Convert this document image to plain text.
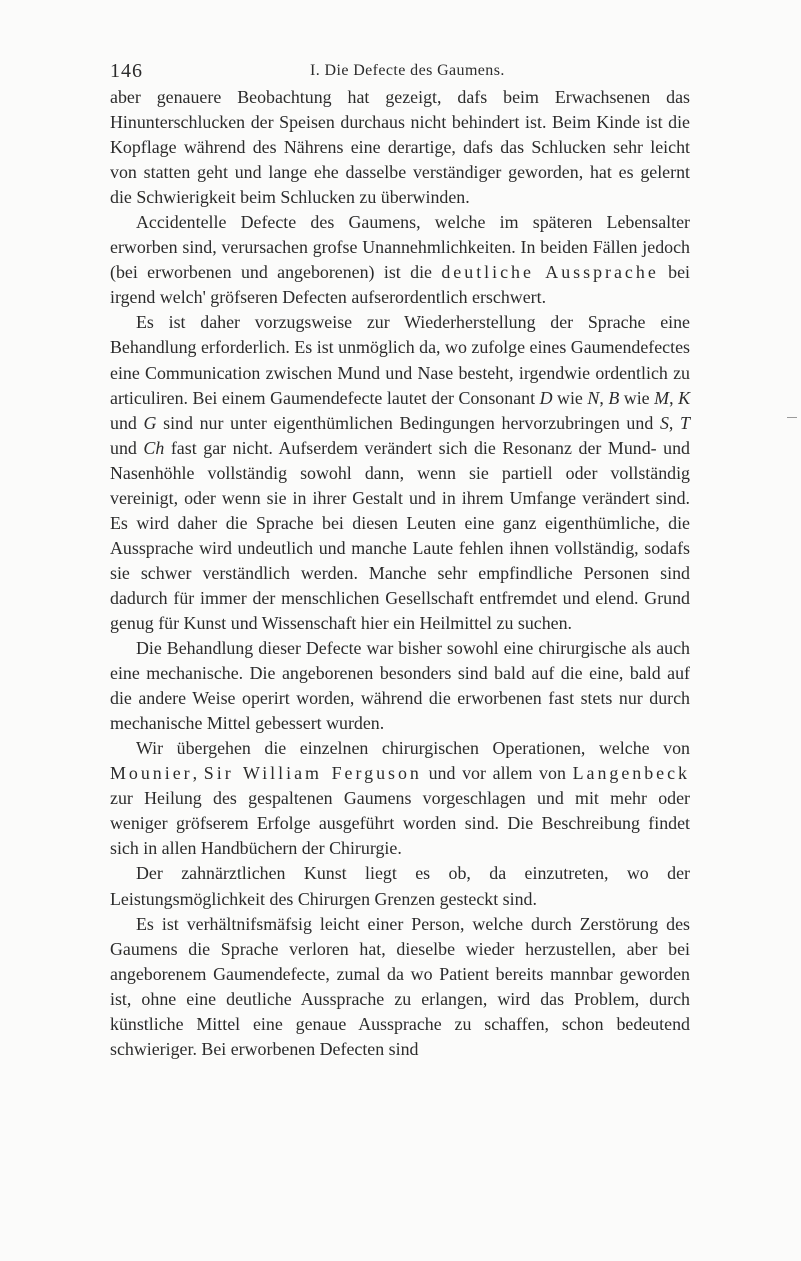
146	I. Die Defecte des Gaumens.

aber genauere Beobachtung hat gezeigt, dafs beim Erwachsenen das Hinunterschlucken der Speisen durchaus nicht behindert ist. Beim Kinde ist die Kopflage während des Nährens eine derartige, dafs das Schlucken sehr leicht von statten geht und lange ehe dasselbe verständiger geworden, hat es gelernt die Schwierigkeit beim Schlucken zu überwinden.

Accidentelle Defecte des Gaumens, welche im späteren Lebensalter erworben sind, verursachen grofse Unannehmlichkeiten. In beiden Fällen jedoch (bei erworbenen und angeborenen) ist die deutliche Aussprache bei irgend welch' gröfseren Defecten aufserordentlich erschwert.

Es ist daher vorzugsweise zur Wiederherstellung der Sprache eine Behandlung erforderlich. Es ist unmöglich da, wo zufolge eines Gaumendefectes eine Communication zwischen Mund und Nase besteht, irgendwie ordentlich zu articuliren. Bei einem Gaumendefecte lautet der Consonant D wie N, B wie M, K und G sind nur unter eigenthümlichen Bedingungen hervorzubringen und S, T und Ch fast gar nicht. Aufserdem verändert sich die Resonanz der Mund- und Nasenhöhle vollständig sowohl dann, wenn sie partiell oder vollständig vereinigt, oder wenn sie in ihrer Gestalt und in ihrem Umfange verändert sind. Es wird daher die Sprache bei diesen Leuten eine ganz eigenthümliche, die Aussprache wird undeutlich und manche Laute fehlen ihnen vollständig, sodafs sie schwer verständlich werden. Manche sehr empfindliche Personen sind dadurch für immer der menschlichen Gesellschaft entfremdet und elend. Grund genug für Kunst und Wissenschaft hier ein Heilmittel zu suchen.

Die Behandlung dieser Defecte war bisher sowohl eine chirurgische als auch eine mechanische. Die angeborenen besonders sind bald auf die eine, bald auf die andere Weise operirt worden, während die erworbenen fast stets nur durch mechanische Mittel gebessert wurden.

Wir übergehen die einzelnen chirurgischen Operationen, welche von Mounier, Sir William Ferguson und vor allem von Langenbeck zur Heilung des gespaltenen Gaumens vorgeschlagen und mit mehr oder weniger gröfserem Erfolge ausgeführt worden sind. Die Beschreibung findet sich in allen Handbüchern der Chirurgie.

Der zahnärztlichen Kunst liegt es ob, da einzutreten, wo der Leistungsmöglichkeit des Chirurgen Grenzen gesteckt sind.

Es ist verhältnifsmäfsig leicht einer Person, welche durch Zerstörung des Gaumens die Sprache verloren hat, dieselbe wieder herzustellen, aber bei angeborenem Gaumendefecte, zumal da wo Patient bereits mannbar geworden ist, ohne eine deutliche Aussprache zu erlangen, wird das Problem, durch künstliche Mittel eine genaue Aussprache zu schaffen, schon bedeutend schwieriger. Bei erworbenen Defecten sind
